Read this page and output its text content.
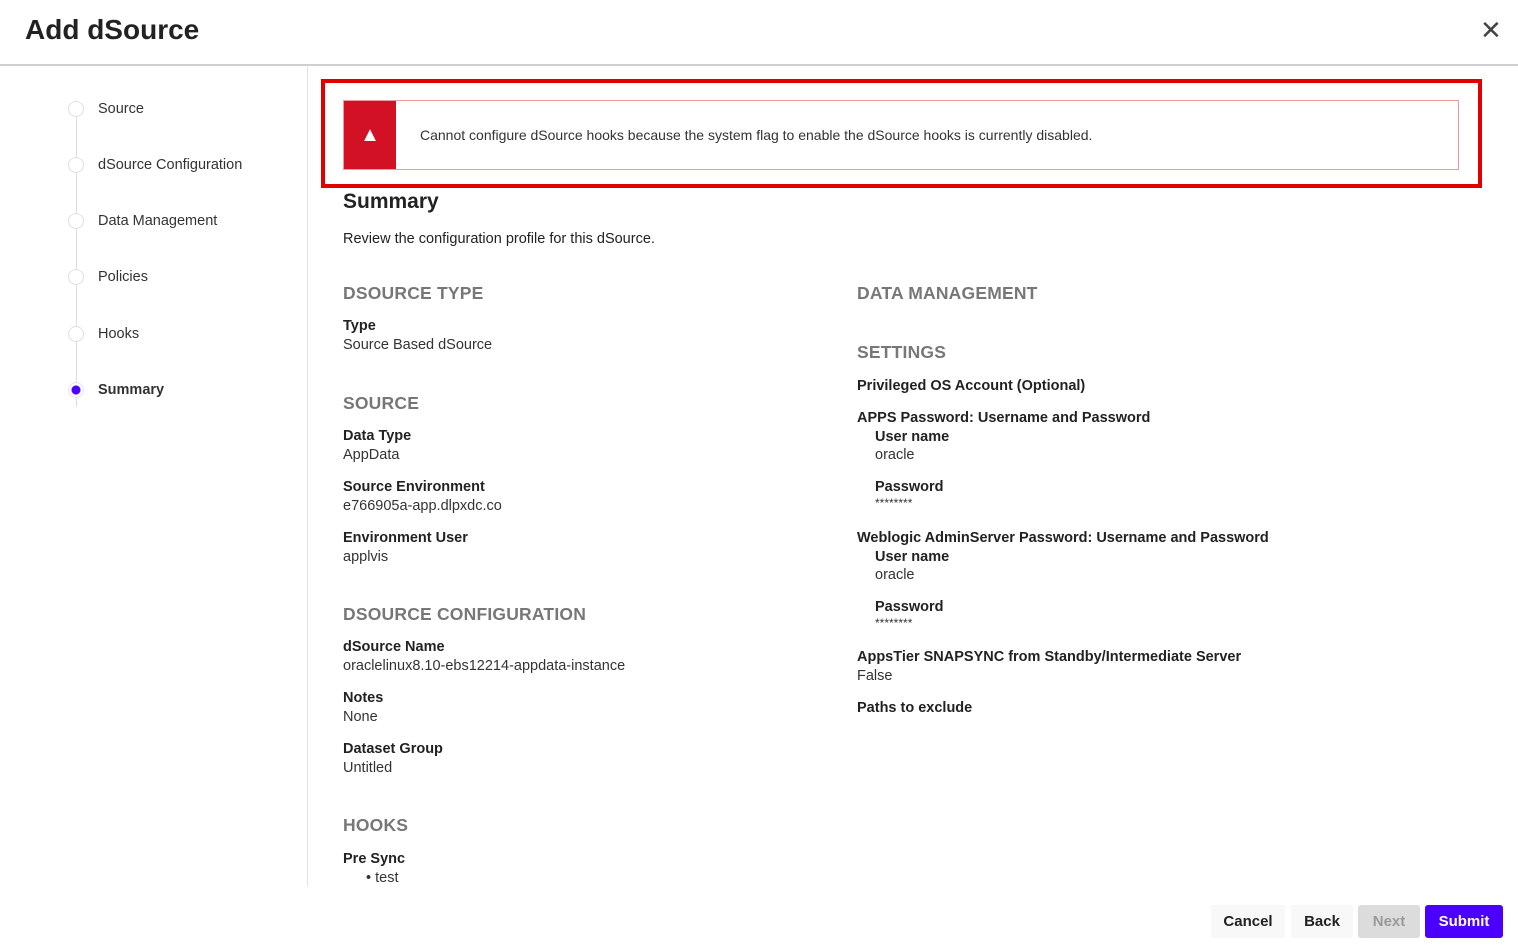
Add dSource	✕
Source
dSource Configuration
Data Management
Policies
Hooks
Summary
▲	Cannot configure dSource hooks because the system flag to enable the dSource hooks is currently disabled.
Summary
Review the configuration profile for this dSource.
DSOURCE TYPE
Type
Source Based dSource
SOURCE
Data Type
AppData
Source Environment
e766905a-app.dlpxdc.co
Environment User
applvis
DSOURCE CONFIGURATION
dSource Name
oraclelinux8.10-ebs12214-appdata-instance
Notes
None
Dataset Group
Untitled
HOOKS
Pre Sync
• test
DATA MANAGEMENT
SETTINGS
Privileged OS Account (Optional)
APPS Password: Username and Password
User name
oracle
Password
********
Weblogic AdminServer Password: Username and Password
User name
oracle
Password
********
AppsTier SNAPSYNC from Standby/Intermediate Server
False
Paths to exclude
Cancel	Back	Next	Submit
